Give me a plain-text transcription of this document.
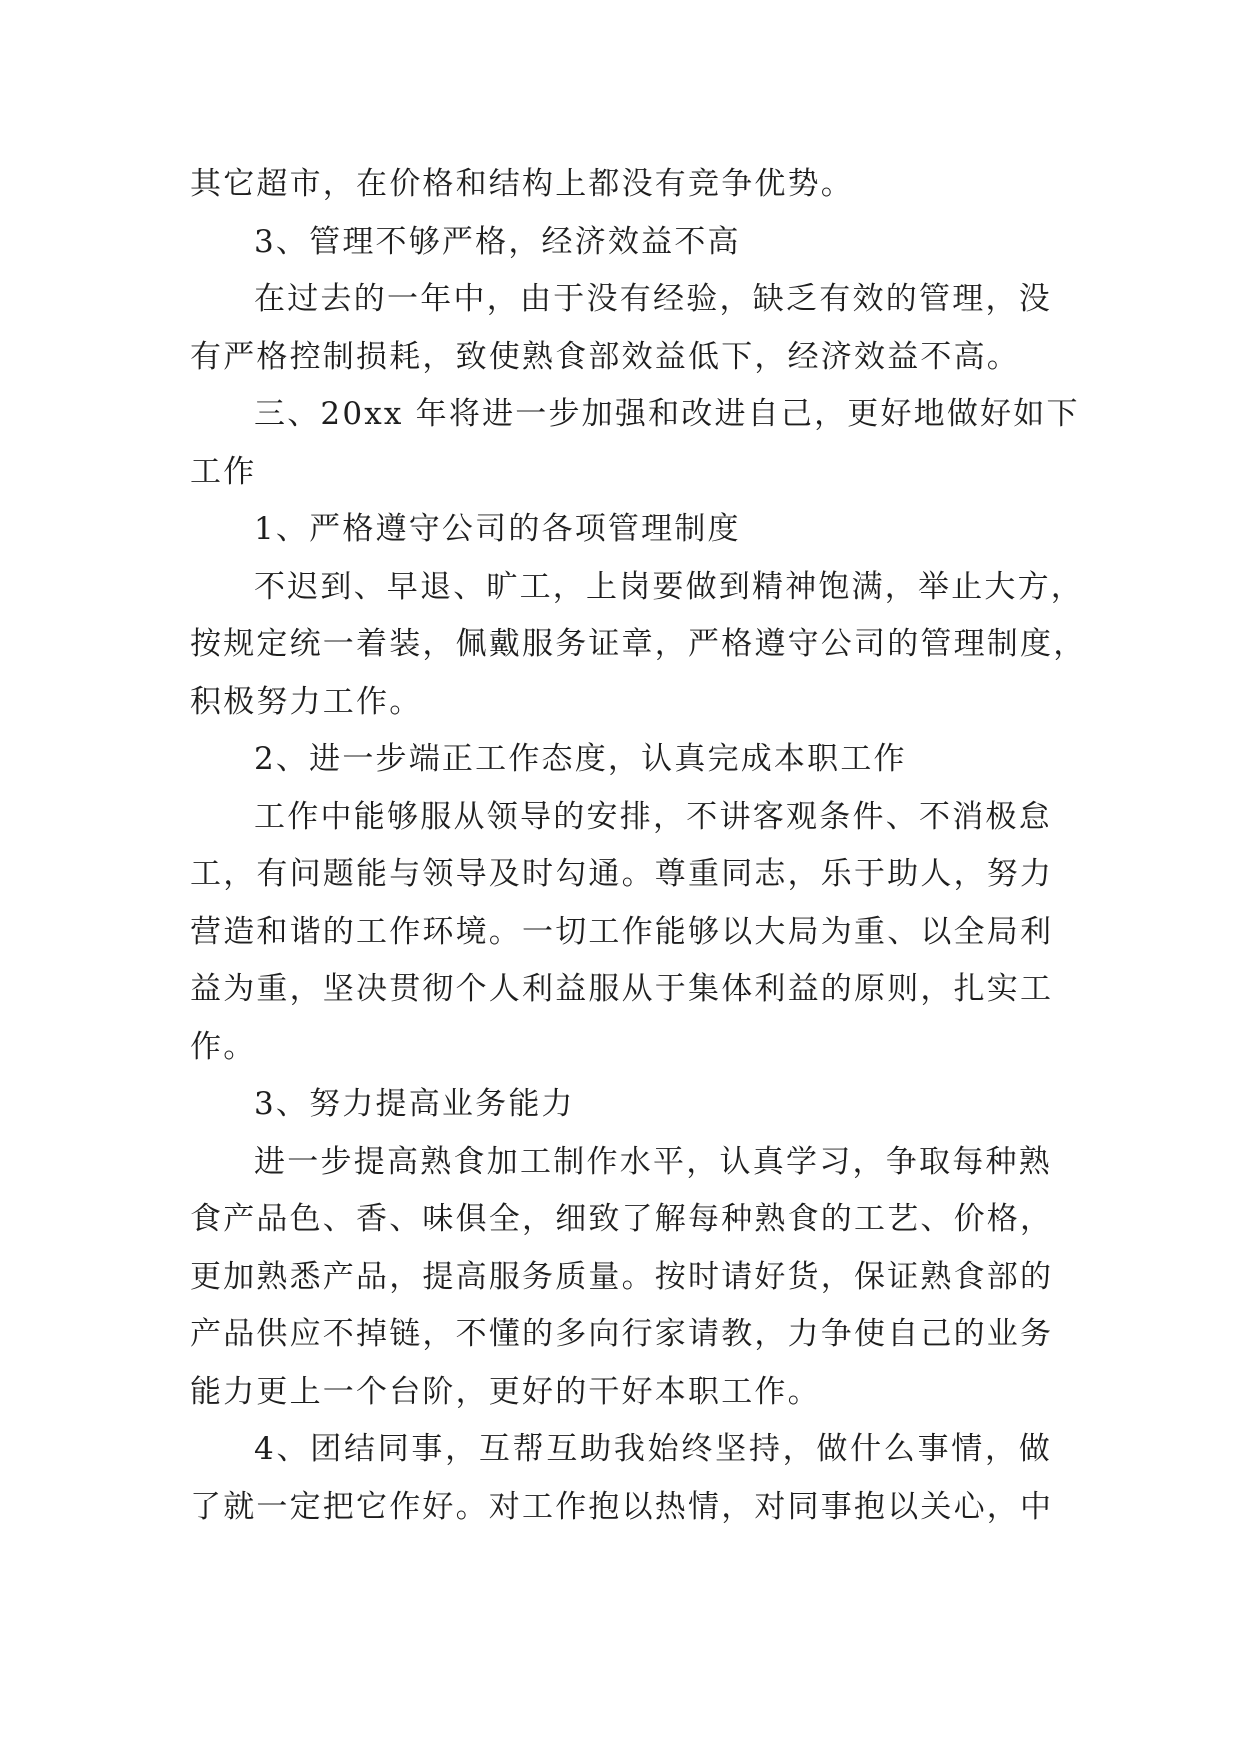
其它超市，在价格和结构上都没有竞争优势。
3、管理不够严格，经济效益不高
在过去的一年中，由于没有经验，缺乏有效的管理，没
有严格控制损耗，致使熟食部效益低下，经济效益不高。
三、20xx 年将进一步加强和改进自己，更好地做好如下
工作
1、严格遵守公司的各项管理制度
不迟到、早退、旷工，上岗要做到精神饱满，举止大方，
按规定统一着装，佩戴服务证章，严格遵守公司的管理制度，
积极努力工作。
2、进一步端正工作态度，认真完成本职工作
工作中能够服从领导的安排，不讲客观条件、不消极怠
工，有问题能与领导及时勾通。尊重同志，乐于助人，努力
营造和谐的工作环境。一切工作能够以大局为重、以全局利
益为重，坚决贯彻个人利益服从于集体利益的原则，扎实工
作。
3、努力提高业务能力
进一步提高熟食加工制作水平，认真学习，争取每种熟
食产品色、香、味俱全，细致了解每种熟食的工艺、价格，
更加熟悉产品，提高服务质量。按时请好货，保证熟食部的
产品供应不掉链，不懂的多向行家请教，力争使自己的业务
能力更上一个台阶，更好的干好本职工作。
4、团结同事，互帮互助我始终坚持，做什么事情，做
了就一定把它作好。对工作抱以热情，对同事抱以关心，中
